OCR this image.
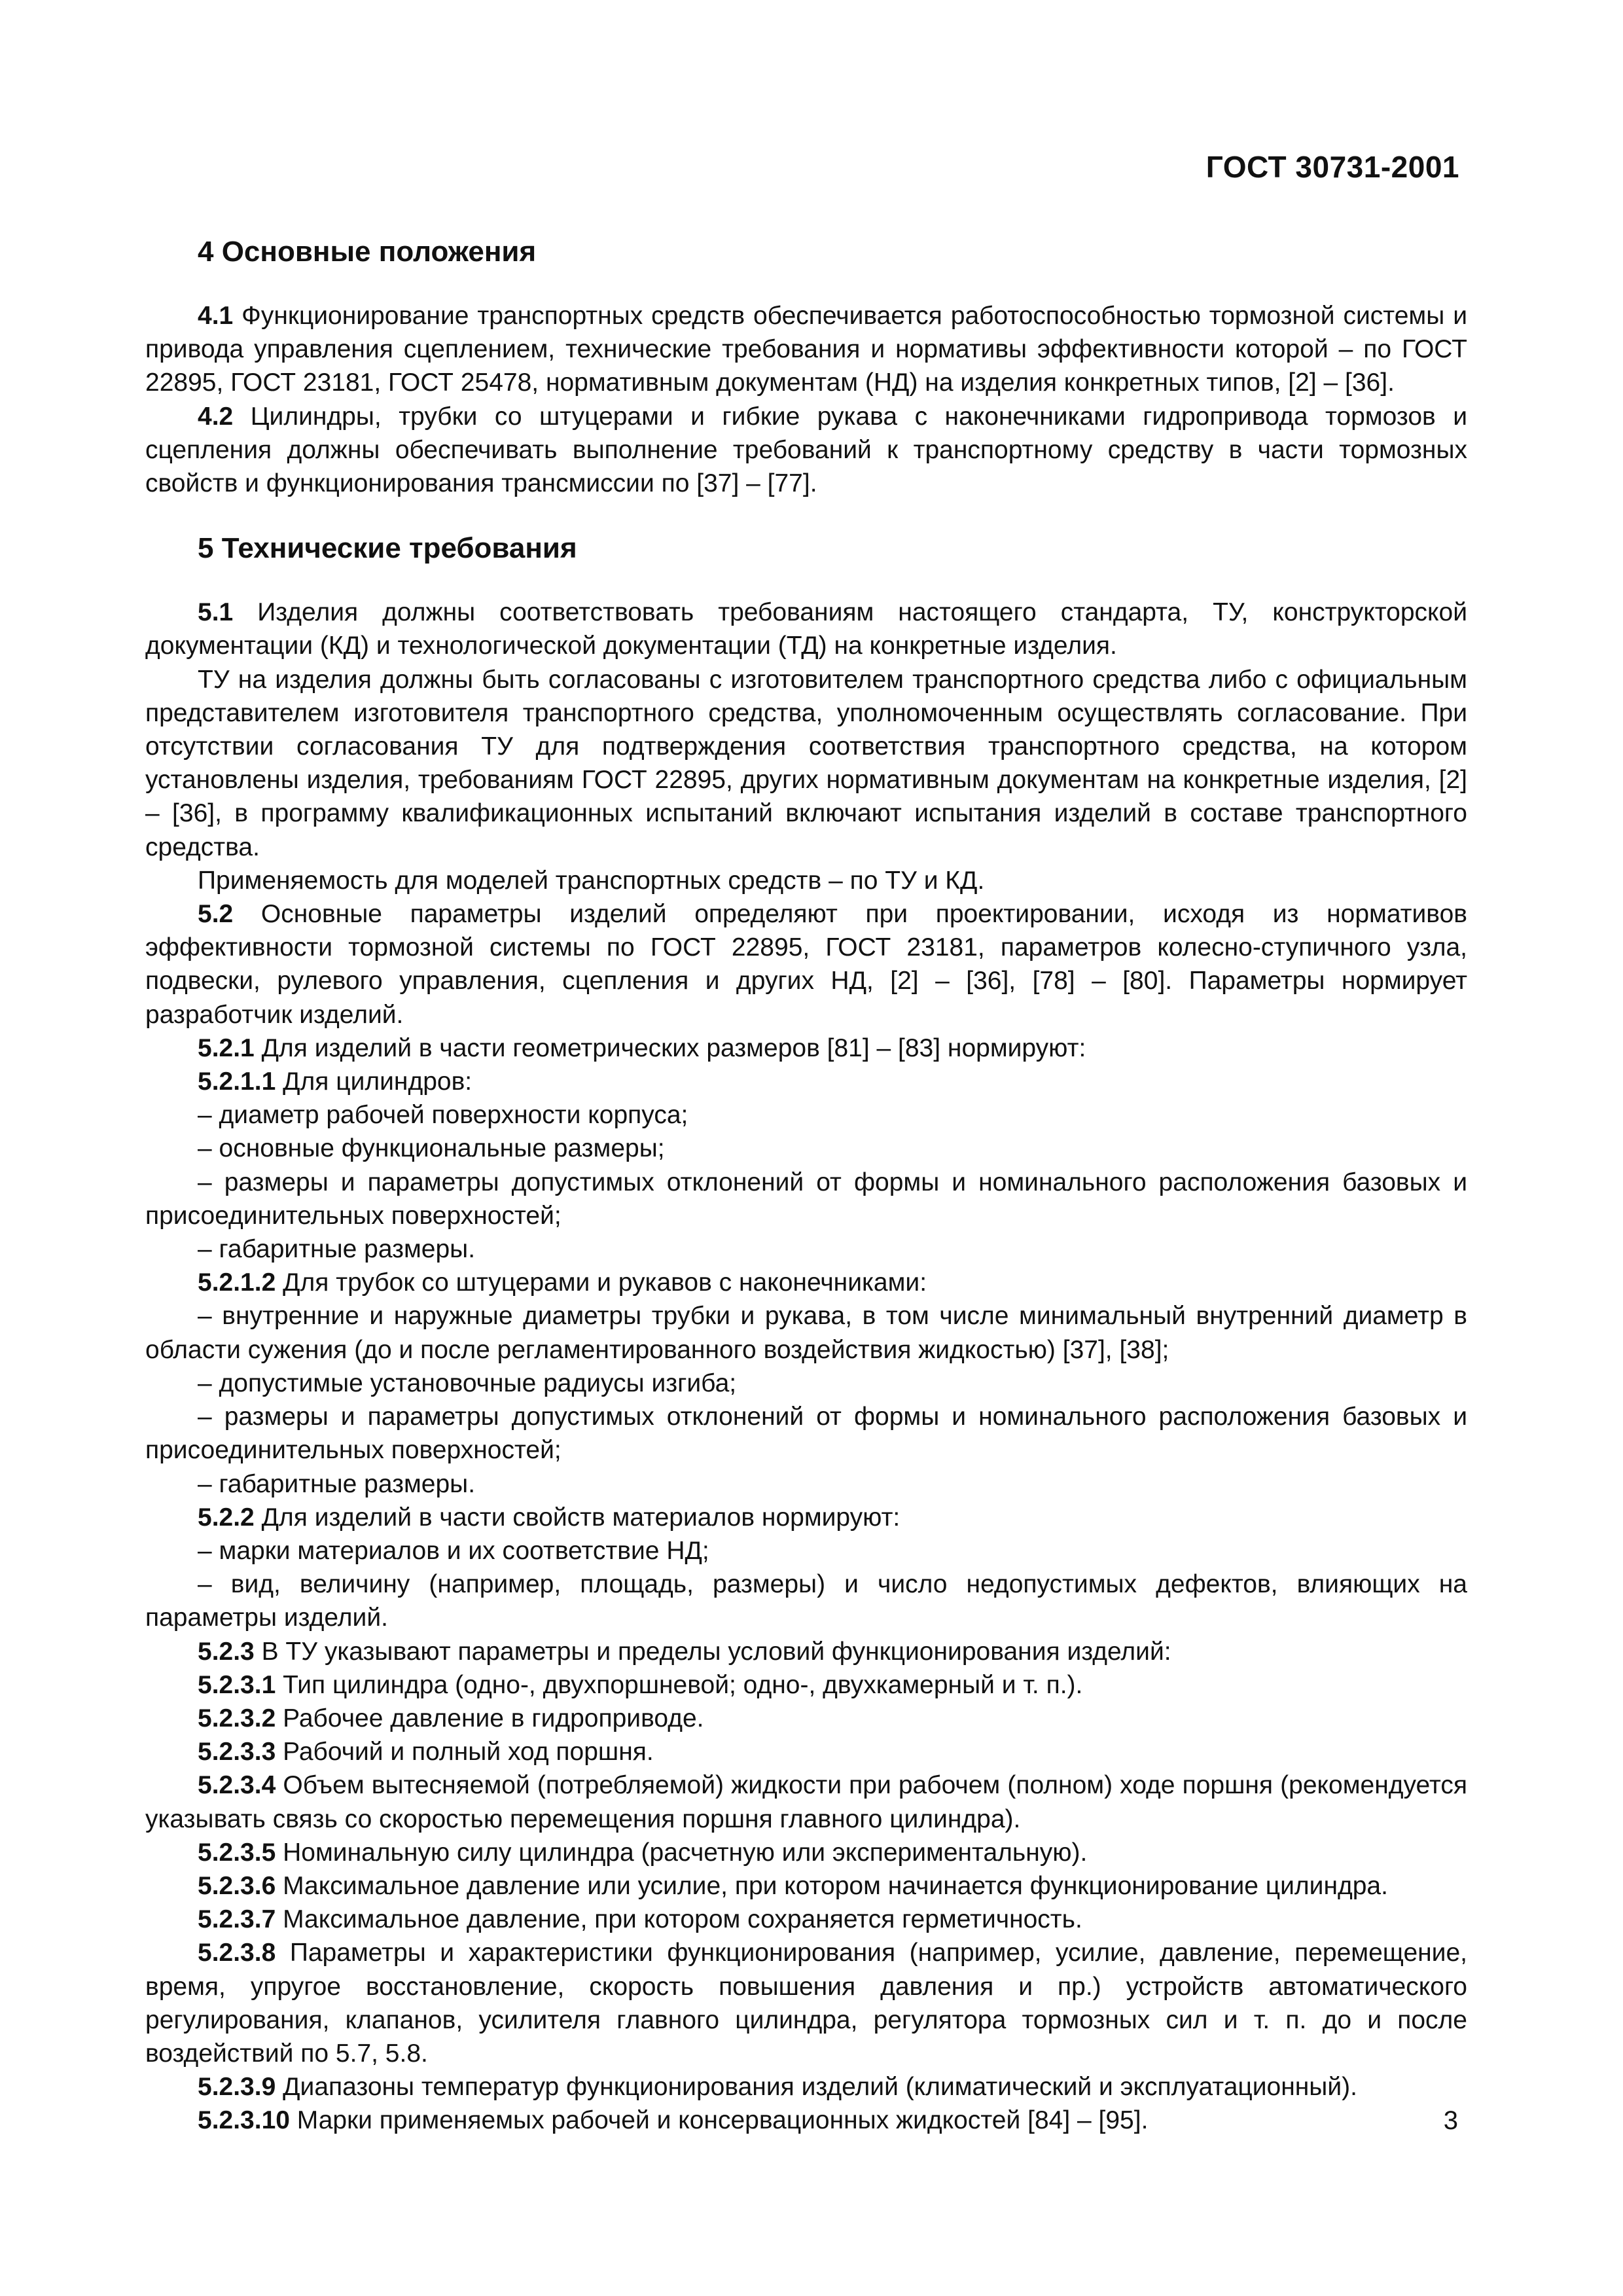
ГОСТ 30731-2001
4 Основные положения

4.1 Функционирование транспортных средств обеспечивается работоспособностью тормозной системы и привода управления сцеплением, технические требования и нормативы эффективности которой – по ГОСТ 22895, ГОСТ 23181, ГОСТ 25478, нормативным документам (НД) на изделия конкретных типов, [2] – [36].

4.2 Цилиндры, трубки со штуцерами и гибкие рукава с наконечниками гидропривода тормозов и сцепления должны обеспечивать выполнение требований к транспортному средству в части тормозных свойств и функционирования трансмиссии по [37] – [77].

5 Технические требования

5.1 Изделия должны соответствовать требованиям настоящего стандарта, ТУ, конструкторской документации (КД) и технологической документации (ТД) на конкретные изделия.

ТУ на изделия должны быть согласованы с изготовителем транспортного средства либо с официальным представителем изготовителя транспортного средства, уполномоченным осуществлять согласование. При отсутствии согласования ТУ для подтверждения соответствия транспортного средства, на котором установлены изделия, требованиям ГОСТ 22895, других нормативным документам на конкретные изделия, [2] – [36], в программу квалификационных испытаний включают испытания изделий в составе транспортного средства.

Применяемость для моделей транспортных средств – по ТУ и КД.

5.2 Основные параметры изделий определяют при проектировании, исходя из нормативов эффективности тормозной системы по ГОСТ 22895, ГОСТ 23181, параметров колесно-ступичного узла, подвески, рулевого управления, сцепления и других НД, [2] – [36], [78] – [80]. Параметры нормирует разработчик изделий.

5.2.1 Для изделий в части геометрических размеров [81] – [83] нормируют:

5.2.1.1 Для цилиндров:

– диаметр рабочей поверхности корпуса;

– основные функциональные размеры;

– размеры и параметры допустимых отклонений от формы и номинального расположения базовых и присоединительных поверхностей;

– габаритные размеры.

5.2.1.2 Для трубок со штуцерами и рукавов с наконечниками:

– внутренние и наружные диаметры трубки и рукава, в том числе минимальный внутренний диаметр в области сужения (до и после регламентированного воздействия жидкостью) [37], [38];

– допустимые установочные радиусы изгиба;

– размеры и параметры допустимых отклонений от формы и номинального расположения базовых и присоединительных поверхностей;

– габаритные размеры.

5.2.2 Для изделий в части свойств материалов нормируют:

– марки материалов и их соответствие НД;

– вид, величину (например, площадь, размеры) и число недопустимых дефектов, влияющих на параметры изделий.

5.2.3 В ТУ указывают параметры и пределы условий функционирования изделий:

5.2.3.1 Тип цилиндра (одно-, двухпоршневой; одно-, двухкамерный и т. п.).

5.2.3.2 Рабочее давление в гидроприводе.

5.2.3.3 Рабочий и полный ход поршня.

5.2.3.4 Объем вытесняемой (потребляемой) жидкости при рабочем (полном) ходе поршня (рекомендуется указывать связь со скоростью перемещения поршня главного цилиндра).

5.2.3.5 Номинальную силу цилиндра (расчетную или экспериментальную).

5.2.3.6 Максимальное давление или усилие, при котором начинается функционирование цилиндра.

5.2.3.7 Максимальное давление, при котором сохраняется герметичность.

5.2.3.8 Параметры и характеристики функционирования (например, усилие, давление, перемещение, время, упругое восстановление, скорость повышения давления и пр.) устройств автоматического регулирования, клапанов, усилителя главного цилиндра, регулятора тормозных сил и т. п. до и после воздействий по 5.7, 5.8.

5.2.3.9 Диапазоны температур функционирования изделий (климатический и эксплуатационный).

5.2.3.10 Марки применяемых рабочей и консервационных жидкостей [84] – [95].	3
